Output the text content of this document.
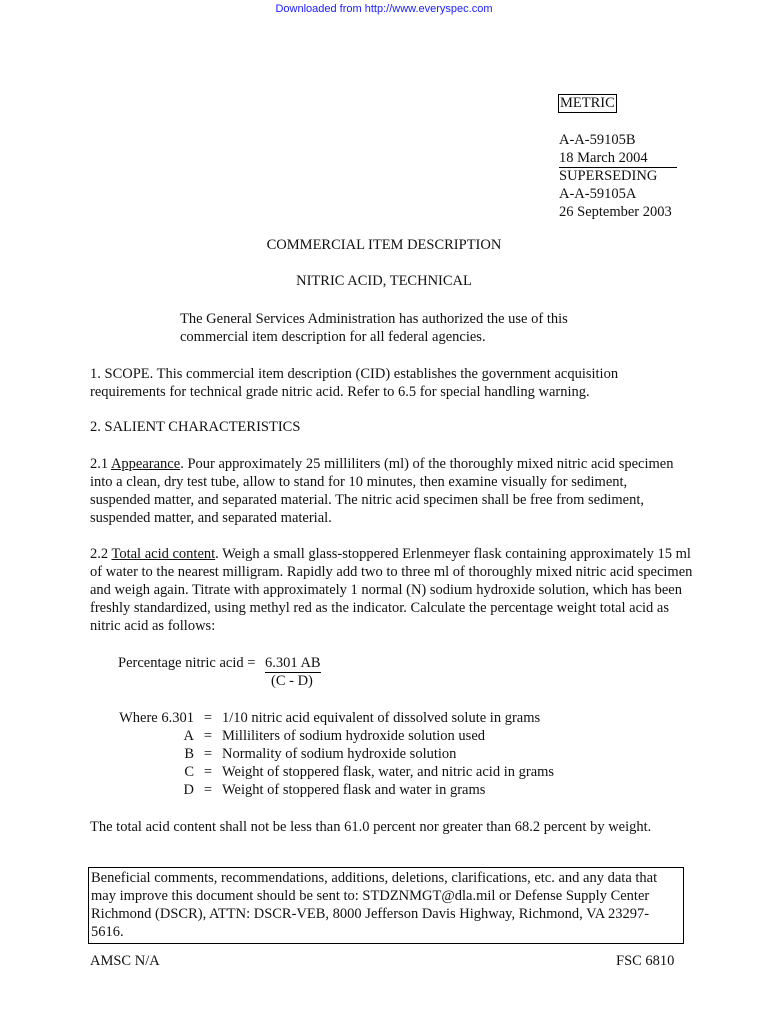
Downloaded from http://www.everyspec.com
METRIC
A-A-59105B
18 March 2004
SUPERSEDING
A-A-59105A
26 September 2003
COMMERCIAL ITEM DESCRIPTION
NITRIC ACID, TECHNICAL
The General Services Administration has authorized the use of this commercial item description for all federal agencies.
1. SCOPE. This commercial item description (CID) establishes the government acquisition requirements for technical grade nitric acid. Refer to 6.5 for special handling warning.
2. SALIENT CHARACTERISTICS
2.1 Appearance. Pour approximately 25 milliliters (ml) of the thoroughly mixed nitric acid specimen into a clean, dry test tube, allow to stand for 10 minutes, then examine visually for sediment, suspended matter, and separated material. The nitric acid specimen shall be free from sediment, suspended matter, and separated material.
2.2 Total acid content. Weigh a small glass-stoppered Erlenmeyer flask containing approximately 15 ml of water to the nearest milligram. Rapidly add two to three ml of thoroughly mixed nitric acid specimen and weigh again. Titrate with approximately 1 normal (N) sodium hydroxide solution, which has been freshly standardized, using methyl red as the indicator. Calculate the percentage weight total acid as nitric acid as follows:
Percentage nitric acid = 6.301 AB
(C - D)
Where 6.301	=	1/10 nitric acid equivalent of dissolved solute in grams
A	=	Milliliters of sodium hydroxide solution used
B	=	Normality of sodium hydroxide solution
C	=	Weight of stoppered flask, water, and nitric acid in grams
D	=	Weight of stoppered flask and water in grams
The total acid content shall not be less than 61.0 percent nor greater than 68.2 percent by weight.
Beneficial comments, recommendations, additions, deletions, clarifications, etc. and any data that may improve this document should be sent to: STDZNMGT@dla.mil or Defense Supply Center Richmond (DSCR), ATTN: DSCR-VEB, 8000 Jefferson Davis Highway, Richmond, VA 23297-5616.
AMSC N/A	FSC 6810
